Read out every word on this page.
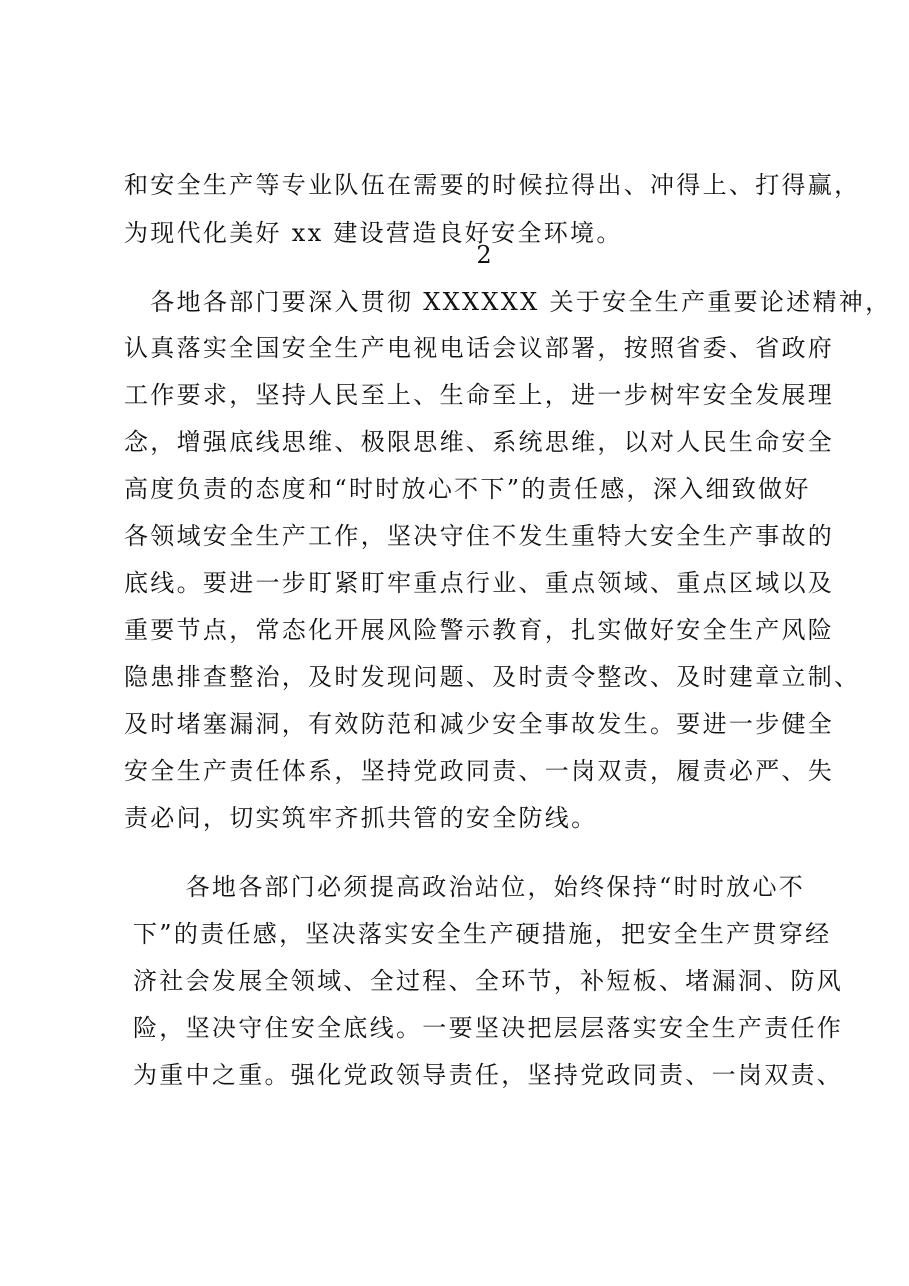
和安全生产等专业队伍在需要的时候拉得出、冲得上、打得赢，
为现代化美好 xx 建设营造良好安全环境。
2
　各地各部门要深入贯彻 XXXXXX 关于安全生产重要论述精神，
认真落实全国安全生产电视电话会议部署，按照省委、省政府
工作要求，坚持人民至上、生命至上，进一步树牢安全发展理
念，增强底线思维、极限思维、系统思维，以对人民生命安全
高度负责的态度和“时时放心不下”的责任感，深入细致做好
各领域安全生产工作，坚决守住不发生重特大安全生产事故的
底线。要进一步盯紧盯牢重点行业、重点领域、重点区域以及
重要节点，常态化开展风险警示教育，扎实做好安全生产风险
隐患排查整治，及时发现问题、及时责令整改、及时建章立制、
及时堵塞漏洞，有效防范和减少安全事故发生。要进一步健全
安全生产责任体系，坚持党政同责、一岗双责，履责必严、失
责必问，切实筑牢齐抓共管的安全防线。
　　各地各部门必须提高政治站位，始终保持“时时放心不
下”的责任感，坚决落实安全生产硬措施，把安全生产贯穿经
济社会发展全领域、全过程、全环节，补短板、堵漏洞、防风
险，坚决守住安全底线。一要坚决把层层落实安全生产责任作
为重中之重。强化党政领导责任，坚持党政同责、一岗双责、
